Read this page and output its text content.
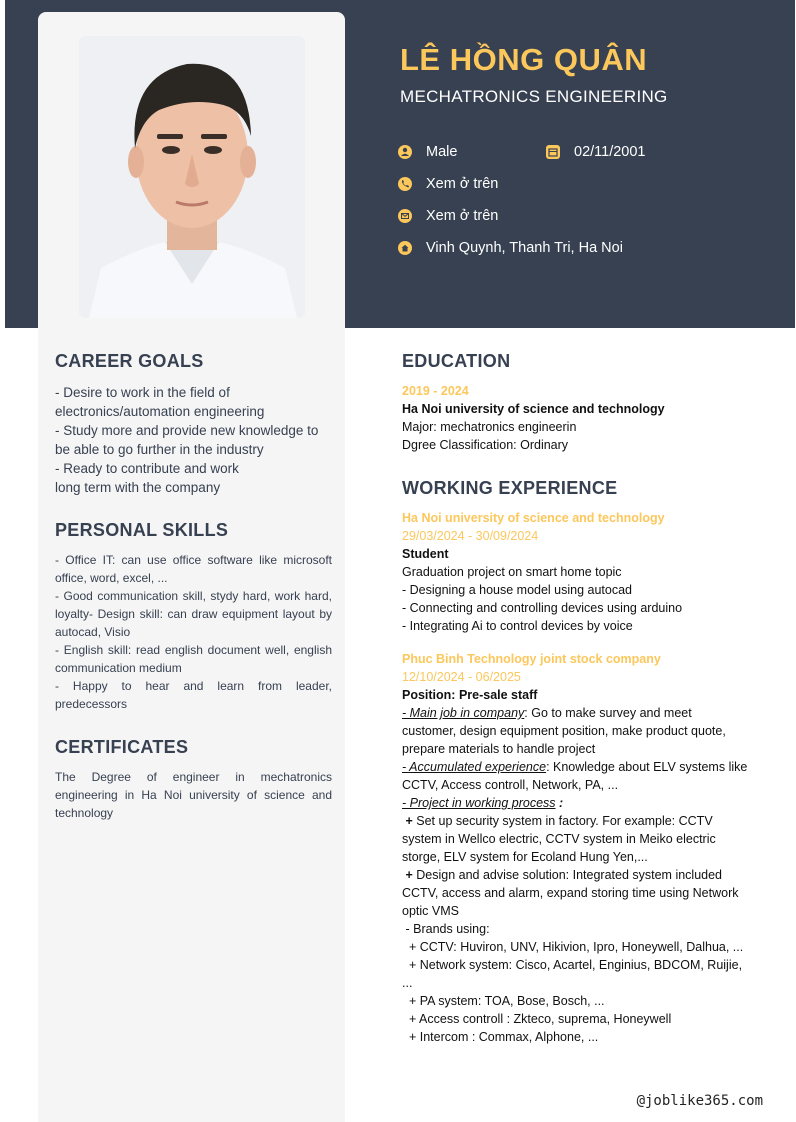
LÊ HỒNG QUÂN
MECHATRONICS ENGINEERING
Male	02/11/2001
Xem ở trên
Xem ở trên
Vinh Quynh, Thanh Tri, Ha Noi
CAREER GOALS

- Desire to work in the field of

electronics/automation engineering

- Study more and provide new knowledge to be able to go further in the industry

- Ready to contribute and work

long term with the company

PERSONAL SKILLS

- Office IT: can use office software like microsoft office, word, excel, ...

- Good communication skill, stydy hard, work hard, loyalty- Design skill: can draw equipment layout by autocad, Visio

- English skill: read english document well, english communication medium

- Happy to hear and learn from leader, predecessors

CERTIFICATES

The Degree of engineer in mechatronics engineering in Ha Noi university of science and technology

EDUCATION

2019 - 2024

Ha Noi university of science and technology

Major: mechatronics engineerin

Dgree Classification: Ordinary

WORKING EXPERIENCE

Ha Noi university of science and technology

29/03/2024 - 30/09/2024

Student

Graduation project on smart home topic

- Designing a house model using autocad

- Connecting and controlling devices using arduino

- Integrating Ai to control devices by voice

Phuc Binh Technology joint stock company

12/10/2024 - 06/2025

Position: Pre-sale staff

- Main job in company: Go to make survey and meet customer, design equipment position, make product quote, prepare materials to handle project

- Accumulated experience: Knowledge about ELV systems like CCTV, Access controll, Network, PA, ...

- Project in working process :

+ Set up security system in factory. For example: CCTV system in Wellco electric, CCTV system in Meiko electric storge, ELV system for Ecoland Hung Yen,...

+ Design and advise solution: Integrated system included CCTV, access and alarm, expand storing time using Network optic VMS

- Brands using:

+ CCTV: Huviron, UNV, Hikivion, Ipro, Honeywell, Dalhua, ...

+ Network system: Cisco, Acartel, Enginius, BDCOM, Ruijie, ...

+ PA system: TOA, Bose, Bosch, ...

+ Access controll : Zkteco, suprema, Honeywell

+ Intercom : Commax, Alphone, ...

@joblike365.com
